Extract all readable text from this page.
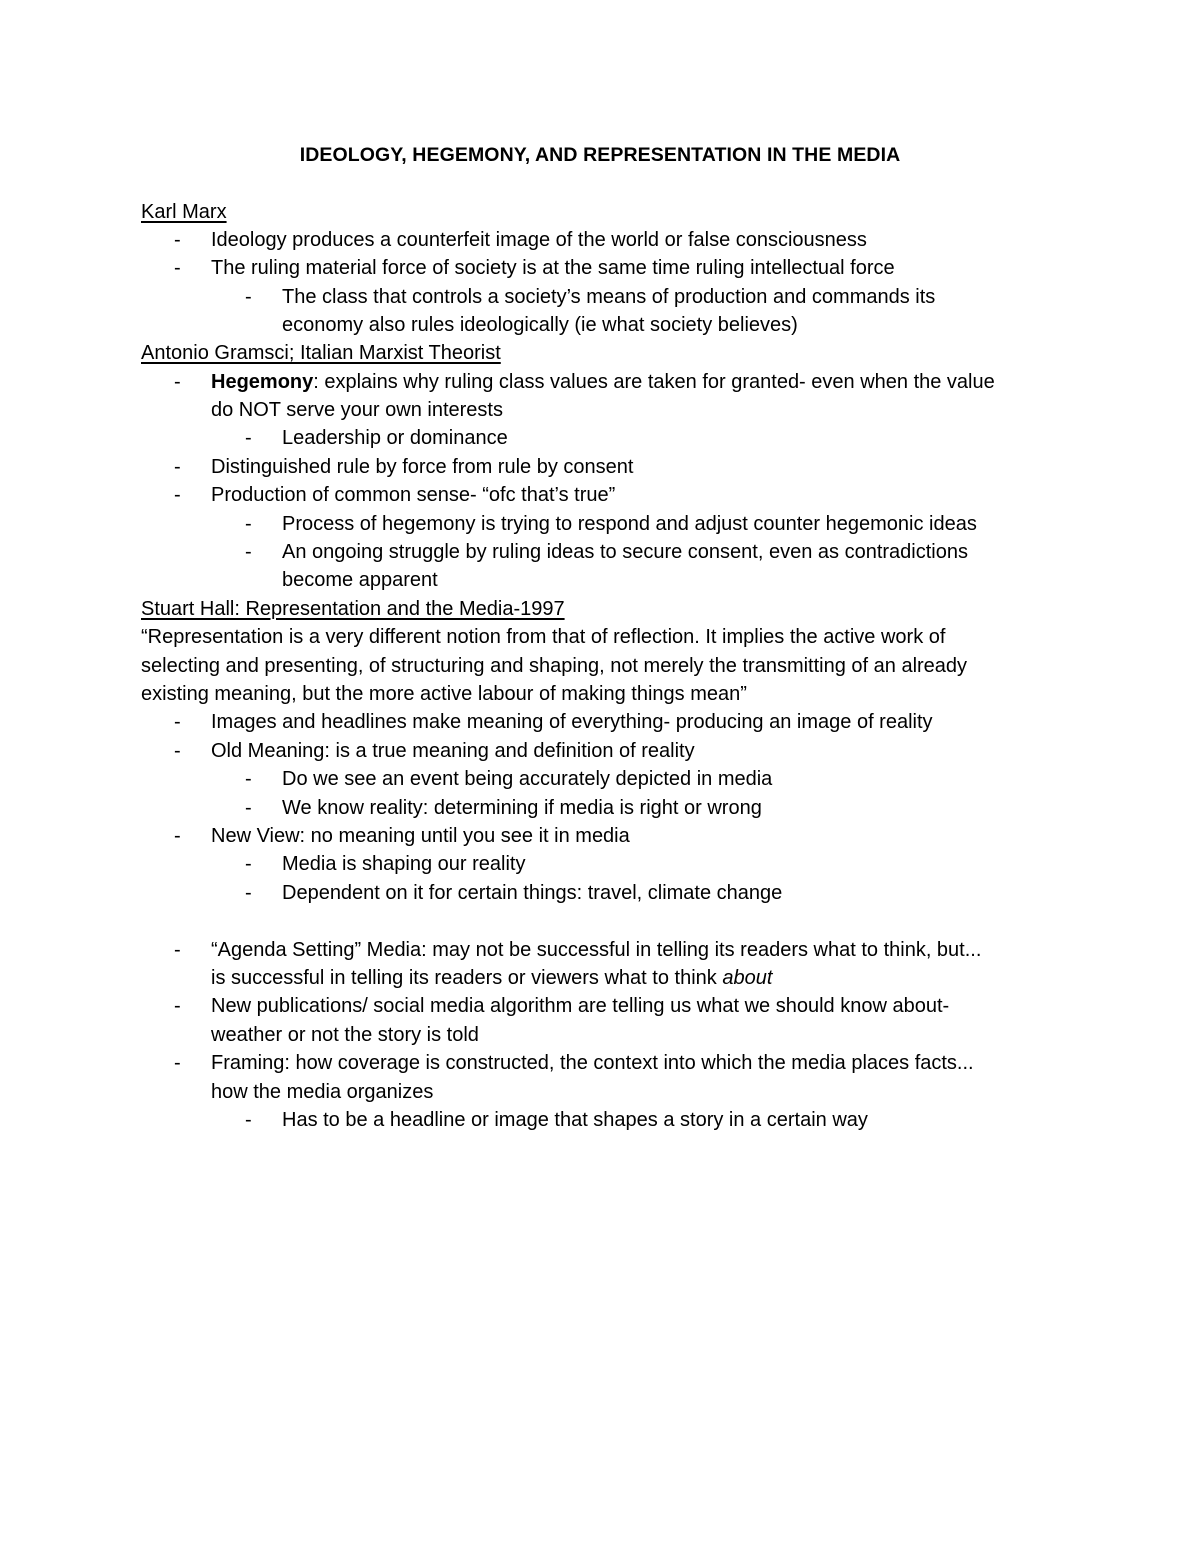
IDEOLOGY, HEGEMONY, AND REPRESENTATION IN THE MEDIA
Karl Marx
- Ideology produces a counterfeit image of the world or false consciousness
- The ruling material force of society is at the same time ruling intellectual force
- The class that controls a society’s means of production and commands its
economy also rules ideologically (ie what society believes)
Antonio Gramsci; Italian Marxist Theorist
- Hegemony: explains why ruling class values are taken for granted- even when the value
do NOT serve your own interests
- Leadership or dominance
- Distinguished rule by force from rule by consent
- Production of common sense- “ofc that’s true”
- Process of hegemony is trying to respond and adjust counter hegemonic ideas
- An ongoing struggle by ruling ideas to secure consent, even as contradictions
become apparent
Stuart Hall: Representation and the Media-1997
“Representation is a very different notion from that of reflection. It implies the active work of
selecting and presenting, of structuring and shaping, not merely the transmitting of an already
existing meaning, but the more active labour of making things mean”
- Images and headlines make meaning of everything- producing an image of reality
- Old Meaning: is a true meaning and definition of reality
- Do we see an event being accurately depicted in media
- We know reality: determining if media is right or wrong
- New View: no meaning until you see it in media
- Media is shaping our reality
- Dependent on it for certain things: travel, climate change
- “Agenda Setting” Media: may not be successful in telling its readers what to think, but...
is successful in telling its readers or viewers what to think about
- New publications/ social media algorithm are telling us what we should know about-
weather or not the story is told
- Framing: how coverage is constructed, the context into which the media places facts...
how the media organizes
- Has to be a headline or image that shapes a story in a certain way
